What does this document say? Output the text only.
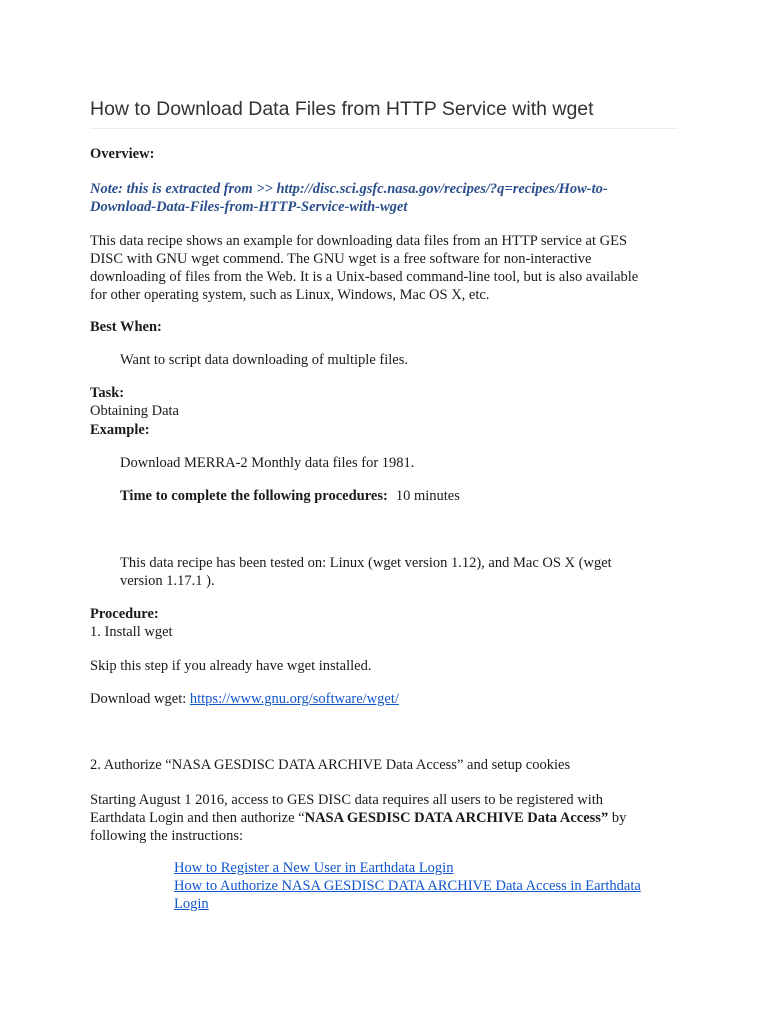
How to Download Data Files from HTTP Service with wget
Overview:
Note: this is extracted from >> http://disc.sci.gsfc.nasa.gov/recipes/?q=recipes/How-to-
Download-Data-Files-from-HTTP-Service-with-wget
This data recipe shows an example for downloading data files from an HTTP service at GES
DISC with GNU wget commend. The GNU wget is a free software for non-interactive
downloading of files from the Web. It is a Unix-based command-line tool, but is also available
for other operating system, such as Linux, Windows, Mac OS X, etc.
Best When:
Want to script data downloading of multiple files.
Task:
Obtaining Data
Example:
Download MERRA-2 Monthly data files for 1981.
Time to complete the following procedures: 10 minutes
This data recipe has been tested on: Linux (wget version 1.12), and Mac OS X (wget
version 1.17.1 ).
Procedure:
1. Install wget
Skip this step if you already have wget installed.
Download wget: https://www.gnu.org/software/wget/
2. Authorize “NASA GESDISC DATA ARCHIVE Data Access” and setup cookies
Starting August 1 2016, access to GES DISC data requires all users to be registered with
Earthdata Login and then authorize “NASA GESDISC DATA ARCHIVE Data Access” by
following the instructions:
How to Register a New User in Earthdata Login
How to Authorize NASA GESDISC DATA ARCHIVE Data Access in Earthdata
Login
